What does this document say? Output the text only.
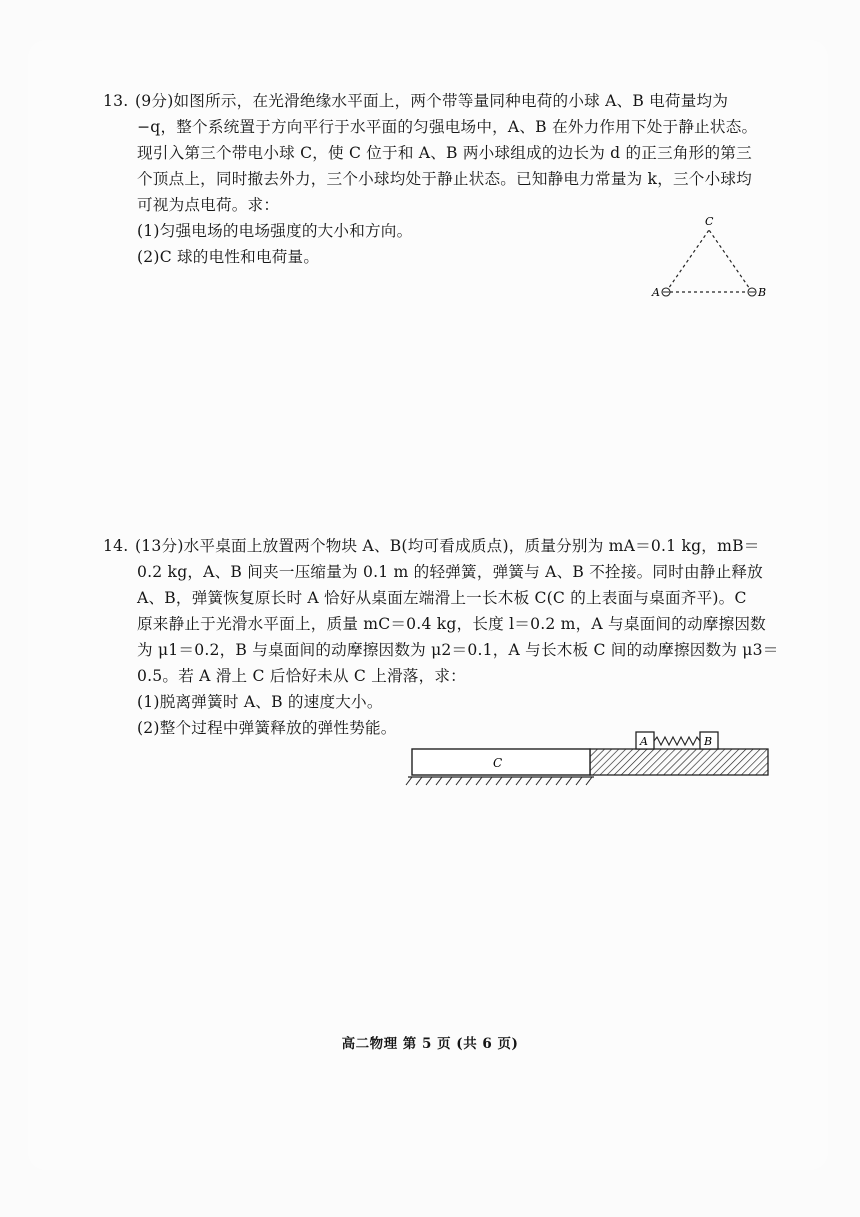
13. (9分)如图所示，在光滑绝缘水平面上，两个带等量同种电荷的小球 A、B 电荷量均为
−q，整个系统置于方向平行于水平面的匀强电场中，A、B 在外力作用下处于静止状态。
现引入第三个带电小球 C，使 C 位于和 A、B 两小球组成的边长为 d 的正三角形的第三
个顶点上，同时撤去外力，三个小球均处于静止状态。已知静电力常量为 k，三个小球均
可视为点电荷。求：
(1)匀强电场的电场强度的大小和方向。
(2)C 球的电性和电荷量。
C
A	B
14. (13分)水平桌面上放置两个物块 A、B(均可看成质点)，质量分别为 mA＝0.1 kg，mB＝
0.2 kg，A、B 间夹一压缩量为 0.1 m 的轻弹簧，弹簧与 A、B 不拴接。同时由静止释放
A、B，弹簧恢复原长时 A 恰好从桌面左端滑上一长木板 C(C 的上表面与桌面齐平)。C
原来静止于光滑水平面上，质量 mC＝0.4 kg，长度 l＝0.2 m，A 与桌面间的动摩擦因数
为 μ1＝0.2，B 与桌面间的动摩擦因数为 μ2＝0.1，A 与长木板 C 间的动摩擦因数为 μ3＝
0.5。若 A 滑上 C 后恰好未从 C 上滑落，求：
(1)脱离弹簧时 A、B 的速度大小。
(2)整个过程中弹簧释放的弹性势能。
C
A	B
高二物理 第 5 页 (共 6 页)
